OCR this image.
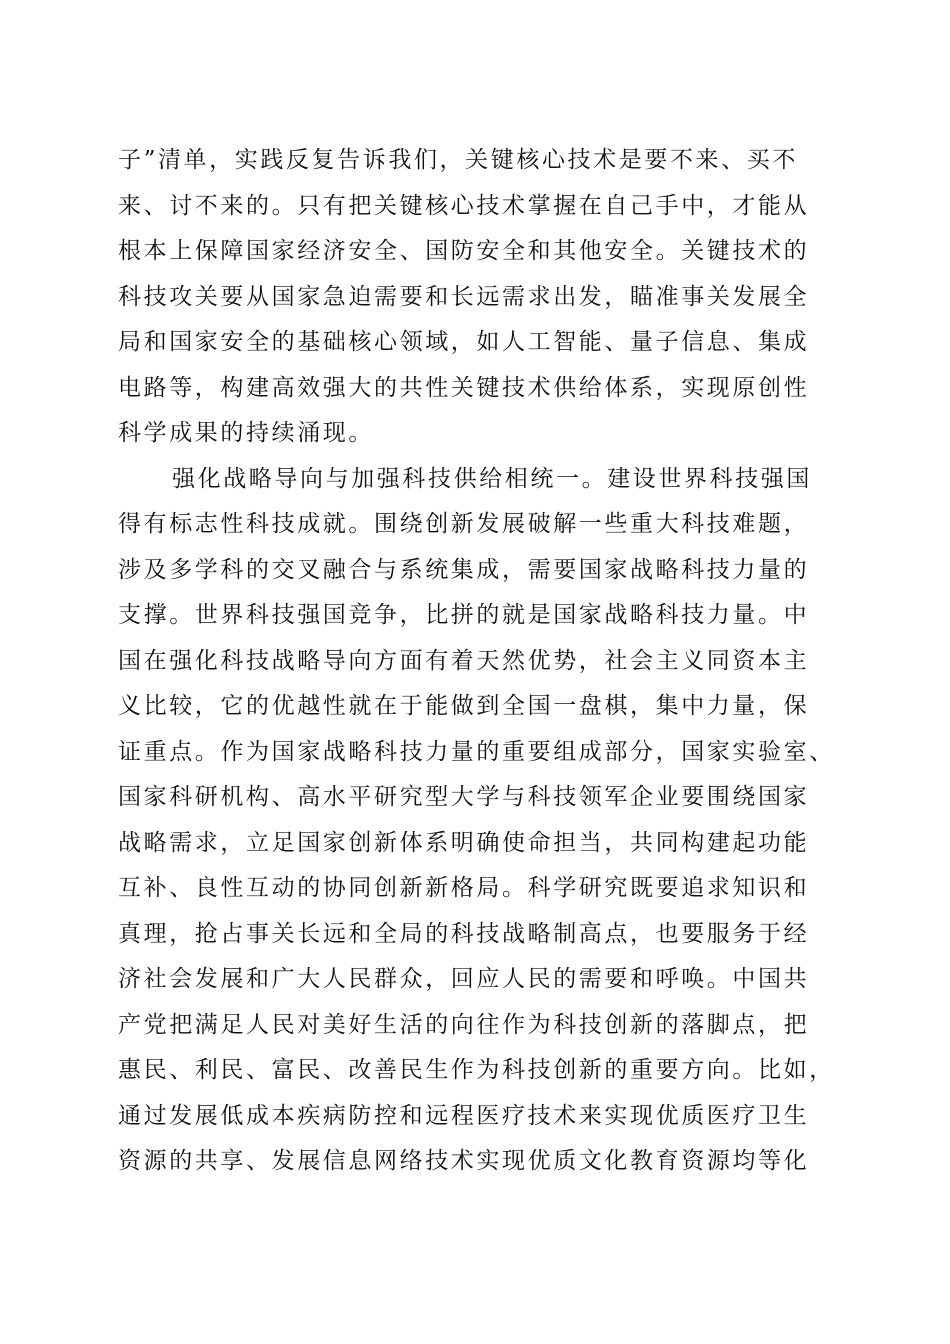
子”清单，实践反复告诉我们，关键核心技术是要不来、买不
来、讨不来的。只有把关键核心技术掌握在自己手中，才能从
根本上保障国家经济安全、国防安全和其他安全。关键技术的
科技攻关要从国家急迫需要和长远需求出发，瞄准事关发展全
局和国家安全的基础核心领域，如人工智能、量子信息、集成
电路等，构建高效强大的共性关键技术供给体系，实现原创性
科学成果的持续涌现。
强化战略导向与加强科技供给相统一。建设世界科技强国
得有标志性科技成就。围绕创新发展破解一些重大科技难题，
涉及多学科的交叉融合与系统集成，需要国家战略科技力量的
支撑。世界科技强国竞争，比拼的就是国家战略科技力量。中
国在强化科技战略导向方面有着天然优势，社会主义同资本主
义比较，它的优越性就在于能做到全国一盘棋，集中力量，保
证重点。作为国家战略科技力量的重要组成部分，国家实验室、
国家科研机构、高水平研究型大学与科技领军企业要围绕国家
战略需求，立足国家创新体系明确使命担当，共同构建起功能
互补、良性互动的协同创新新格局。科学研究既要追求知识和
真理，抢占事关长远和全局的科技战略制高点，也要服务于经
济社会发展和广大人民群众，回应人民的需要和呼唤。中国共
产党把满足人民对美好生活的向往作为科技创新的落脚点，把
惠民、利民、富民、改善民生作为科技创新的重要方向。比如，
通过发展低成本疾病防控和远程医疗技术来实现优质医疗卫生
资源的共享、发展信息网络技术实现优质文化教育资源均等化
